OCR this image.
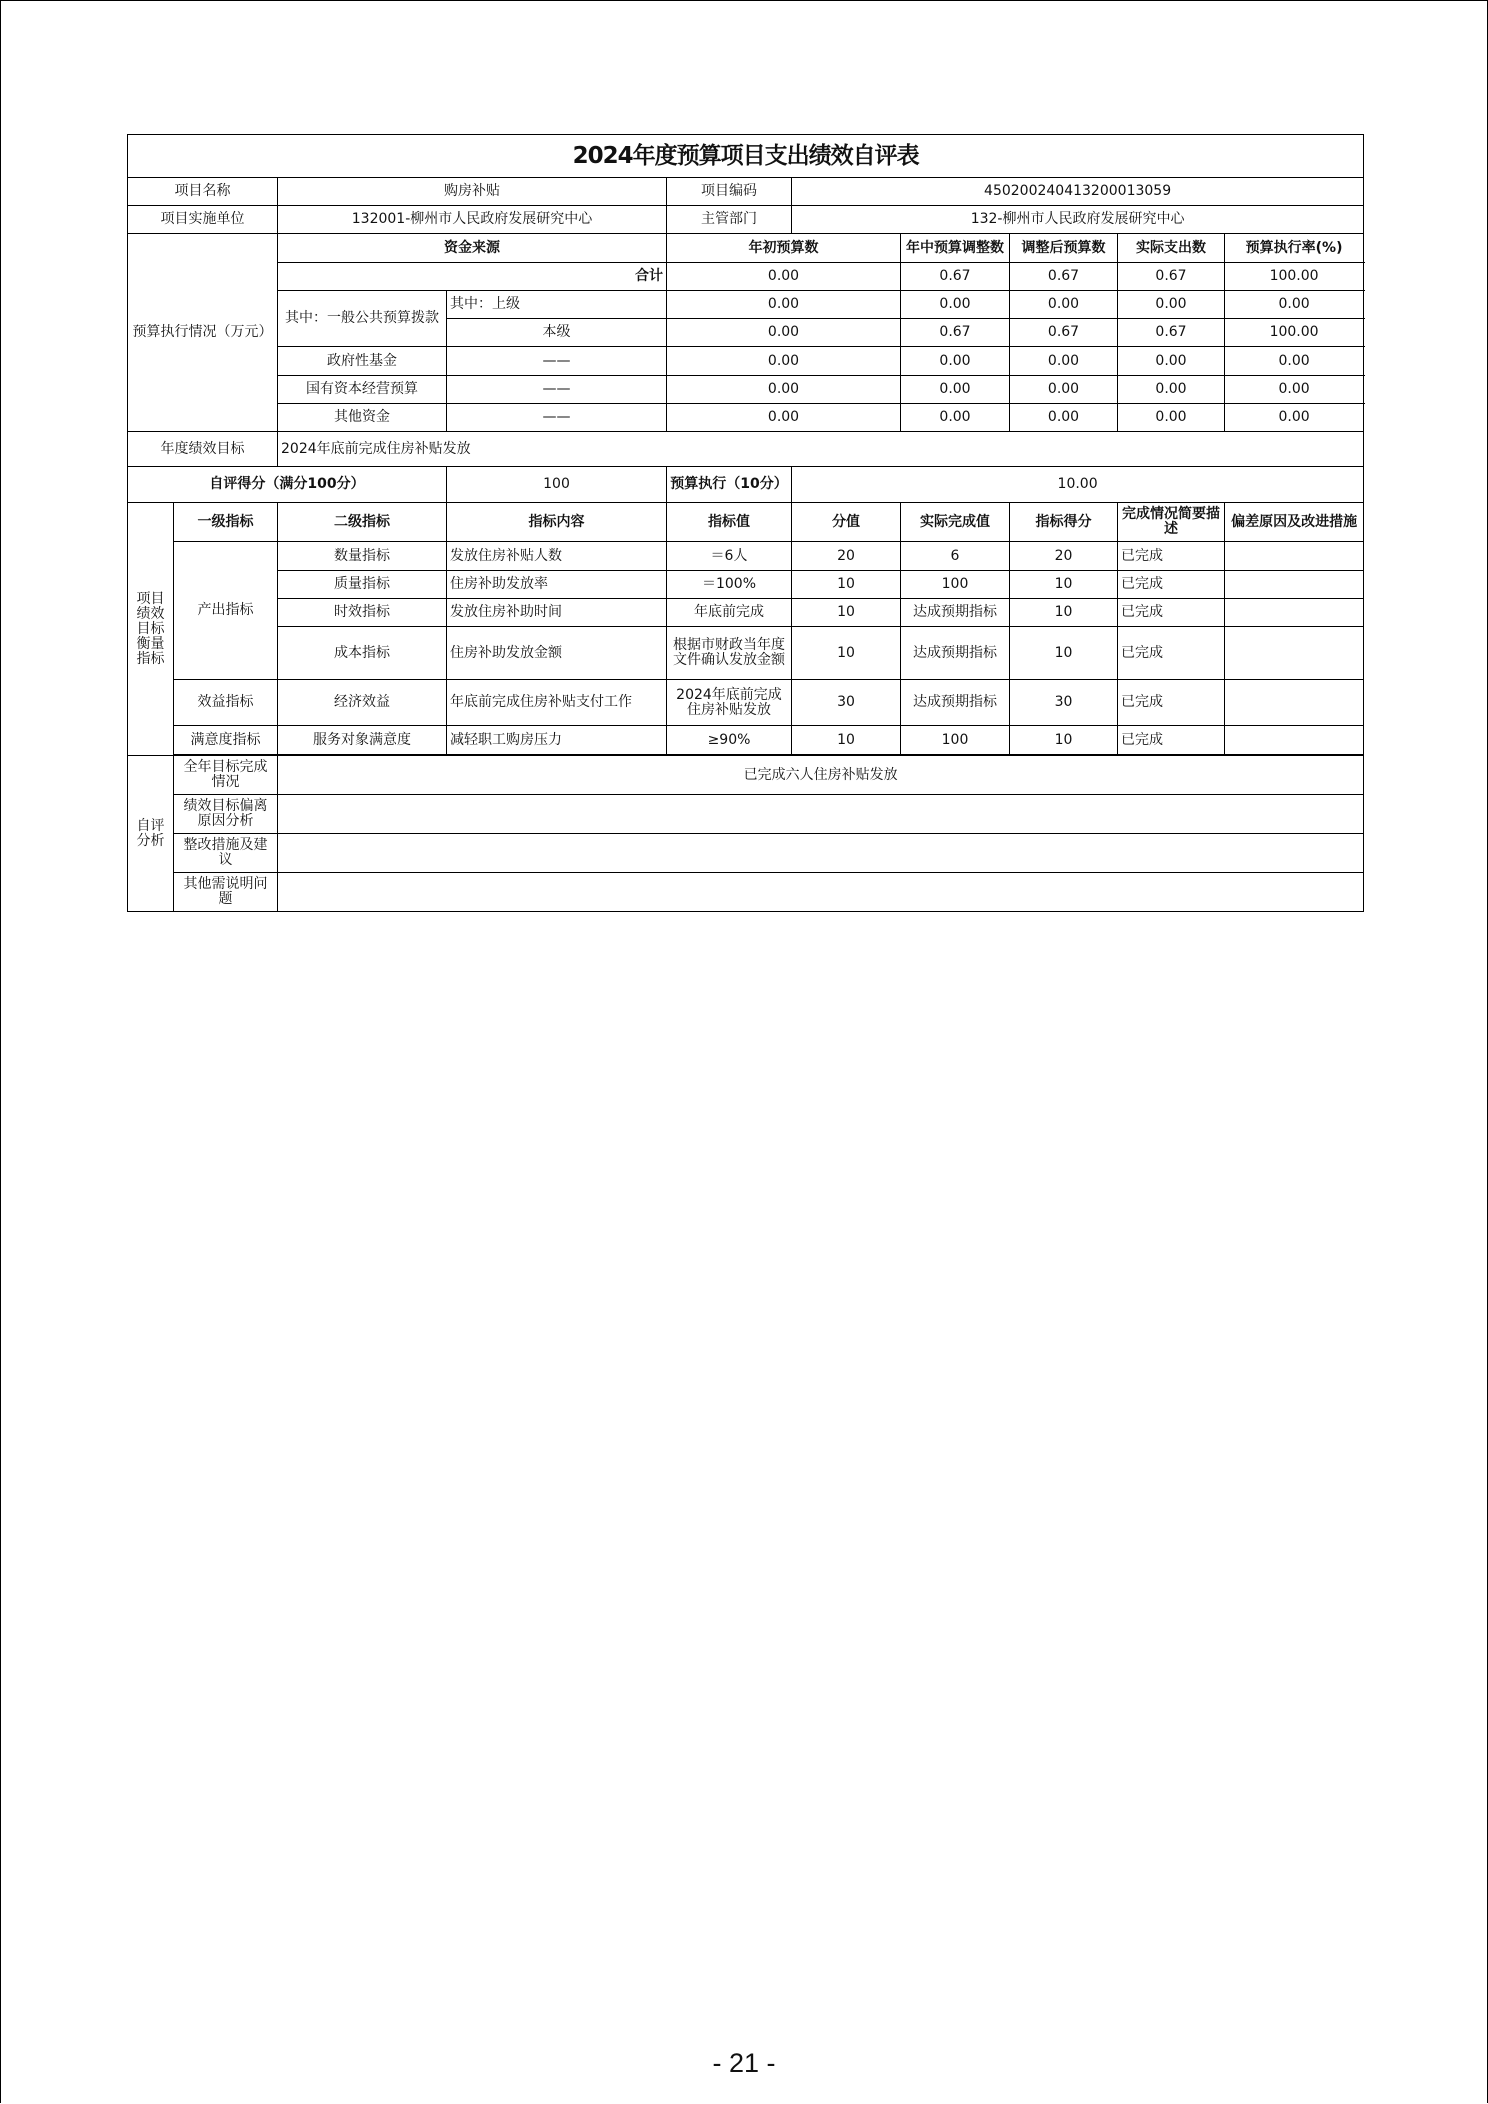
2024年度预算项目支出绩效自评表									
项目名称		购房补贴		项目编码	450200240413200013059				
项目实施单位		132001-柳州市人民政府发展研究中心		主管部门	132-柳州市人民政府发展研究中心				
预算执行情况（万元）		资金来源		年初预算数		年中预算调整数	调整后预算数	实际支出数	预算执行率(%)
		合计		0.00		0.67	0.67	0.67	100.00
		其中：一般公共预算拨款	其中：上级	0.00		0.00	0.00	0.00	0.00
			本级	0.00		0.67	0.67	0.67	100.00
		政府性基金	——	0.00		0.00	0.00	0.00	0.00
		国有资本经营预算	——	0.00		0.00	0.00	0.00	0.00
		其他资金	——	0.00		0.00	0.00	0.00	0.00
年度绩效目标		2024年底前完成住房补贴发放							
自评得分（满分100分）			100	预算执行（10分）	10.00				
项目绩效目标衡量指标	一级指标	二级指标	指标内容	指标值	分值	实际完成值	指标得分	完成情况简要描述	偏差原因及改进措施
	产出指标	数量指标	发放住房补贴人数	＝6人	20	6	20	已完成	
		质量指标	住房补助发放率	＝100%	10	100	10	已完成	
		时效指标	发放住房补助时间	年底前完成	10	达成预期指标	10	已完成	
		成本指标	住房补助发放金额	根据市财政当年度文件确认发放金额	10	达成预期指标	10	已完成	
	效益指标	经济效益	年底前完成住房补贴支付工作	2024年底前完成住房补贴发放	30	达成预期指标	30	已完成	
	满意度指标	服务对象满意度	减轻职工购房压力	≥90%	10	100	10	已完成	

自评分析	全年目标完成情况	已完成六人住房补贴发放							
	绩效目标偏离原因分析								
	整改措施及建议								
	其他需说明问题								
- 21 -
